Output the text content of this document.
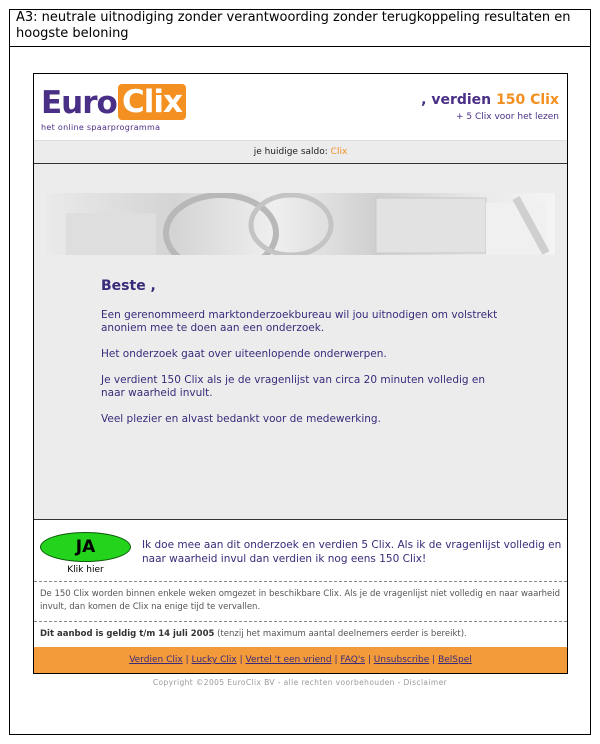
A3: neutrale uitnodiging zonder verantwoording zonder terugkoppeling resultaten en hoogste beloning
Euro Clix
het online spaarprogramma
, verdien 150 Clix
+ 5 Clix voor het lezen
je huidige saldo: Clix
Beste ,

Een gerenommeerd marktonderzoekbureau wil jou uitnodigen om volstrekt anoniem mee te doen aan een onderzoek.

Het onderzoek gaat over uiteenlopende onderwerpen.

Je verdient 150 Clix als je de vragenlijst van circa 20 minuten volledig en naar waarheid invult.

Veel plezier en alvast bedankt voor de medewerking.

JA
Klik hier
Ik doe mee aan dit onderzoek en verdien 5 Clix. Als ik de vragenlijst volledig en naar waarheid invul dan verdien ik nog eens 150 Clix!
De 150 Clix worden binnen enkele weken omgezet in beschikbare Clix. Als je de vragenlijst niet volledig en naar waarheid invult, dan komen de Clix na enige tijd te vervallen.
Dit aanbod is geldig t/m 14 juli 2005 (tenzij het maximum aantal deelnemers eerder is bereikt).
Verdien Clix | Lucky Clix | Vertel 't een vriend | FAQ's | Unsubscribe | BelSpel
Copyright ©2005 EuroClix BV - alle rechten voorbehouden - Disclaimer
